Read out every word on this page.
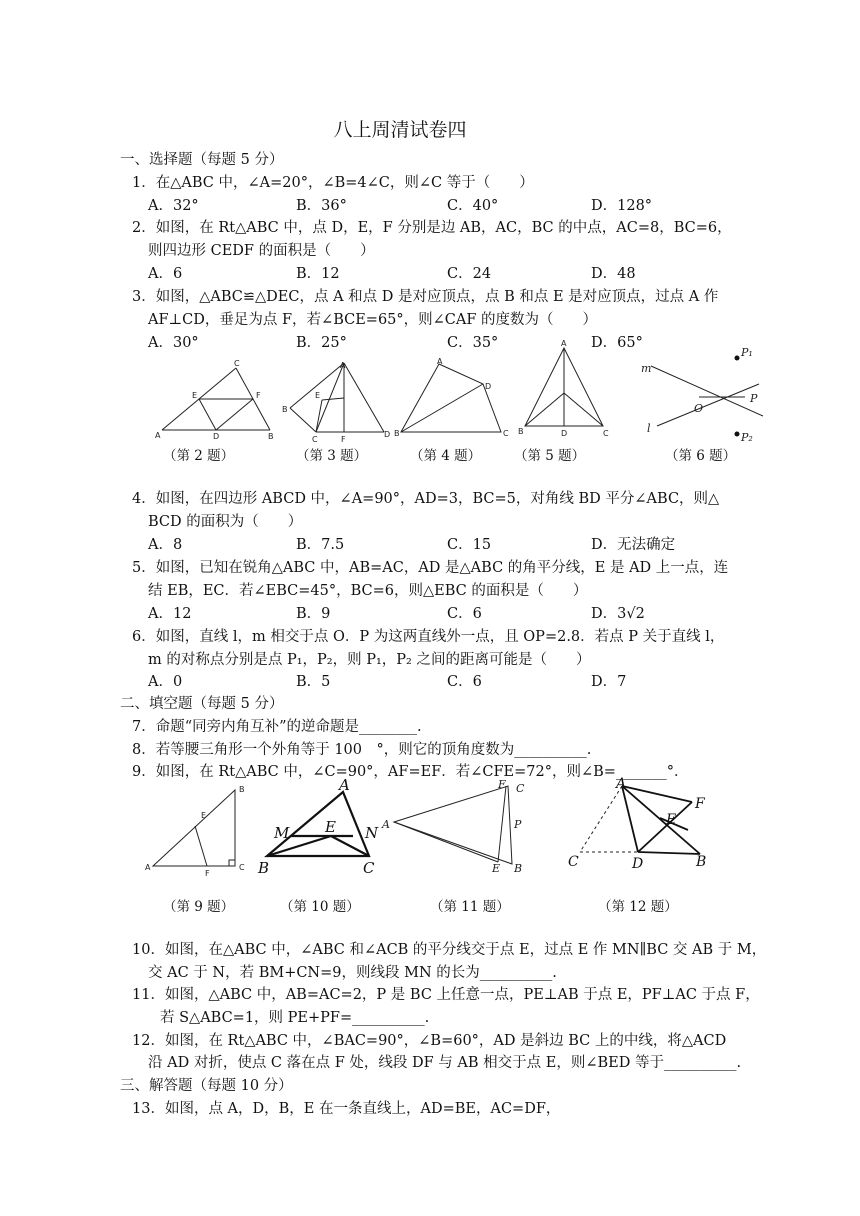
八上周清试卷四
一、选择题（每题 5 分）
1．在△ABC 中，∠A=20°，∠B=4∠C，则∠C 等于（　　）
A．32°	B．36°	C．40°	D．128°
2．如图，在 Rt△ABC 中，点 D，E，F 分别是边 AB，AC，BC 的中点，AC=8，BC=6，
则四边形 CEDF 的面积是（　　）
A．6	B．12	C．24	D．48
3．如图，△ABC≌△DEC，点 A 和点 D 是对应顶点，点 B 和点 E 是对应顶点，过点 A 作
AF⊥CD，垂足为点 F，若∠BCE=65°，则∠CAF 的度数为（　　）
A．30°	B．25°	C．35°	D．65°
C
E	F
A	D	B
A
B
E
C	F
D
A
D
B	C
A
B	D	C
m
P₁
O
P
l
P₂
（第 2 题）	（第 3 题）	（第 4 题） （第 5 题）	（第 6 题）
4．如图，在四边形 ABCD 中，∠A=90°，AD=3，BC=5，对角线 BD 平分∠ABC，则△
BCD 的面积为（　　）
A．8	B．7.5	C．15	D．无法确定
5．如图，已知在锐角△ABC 中，AB=AC，AD 是△ABC 的角平分线，E 是 AD 上一点，连
结 EB，EC．若∠EBC=45°，BC=6，则△EBC 的面积是（　　）
A．12	B．9	C．6	D．3√2
6．如图，直线 l，m 相交于点 O．P 为这两直线外一点，且 OP=2.8．若点 P 关于直线 l，
m 的对称点分别是点 P₁，P₂，则 P₁，P₂ 之间的距离可能是（　　）
A．0	B．5	C．6	D．7
二、填空题（每题 5 分）
7．命题“同旁内角互补”的逆命题是________.
8．若等腰三角形一个外角等于 100　°，则它的顶角度数为__________.
9．如图，在 Rt△ABC 中，∠C=90°，AF=EF．若∠CFE=72°，则∠B=_______°．
B
E
A
F
C
A
M E N
B	C
F C
A	P
E B
A
F
E
C	D	B
（第 9 题）	（第 10 题）	（第 11 题）	（第 12 题）
10．如图，在△ABC 中，∠ABC 和∠ACB 的平分线交于点 E，过点 E 作 MN∥BC 交 AB 于 M，
交 AC 于 N，若 BM+CN=9，则线段 MN 的长为__________.
11．如图，△ABC 中，AB=AC=2，P 是 BC 上任意一点，PE⊥AB 于点 E，PF⊥AC 于点 F，
若 S△ABC=1，则 PE+PF=__________.
12．如图，在 Rt△ABC 中，∠BAC=90°，∠B=60°，AD 是斜边 BC 上的中线，将△ACD
沿 AD 对折，使点 C 落在点 F 处，线段 DF 与 AB 相交于点 E，则∠BED 等于__________.
三、解答题（每题 10 分）
13．如图，点 A，D，B，E 在一条直线上，AD=BE，AC=DF，
